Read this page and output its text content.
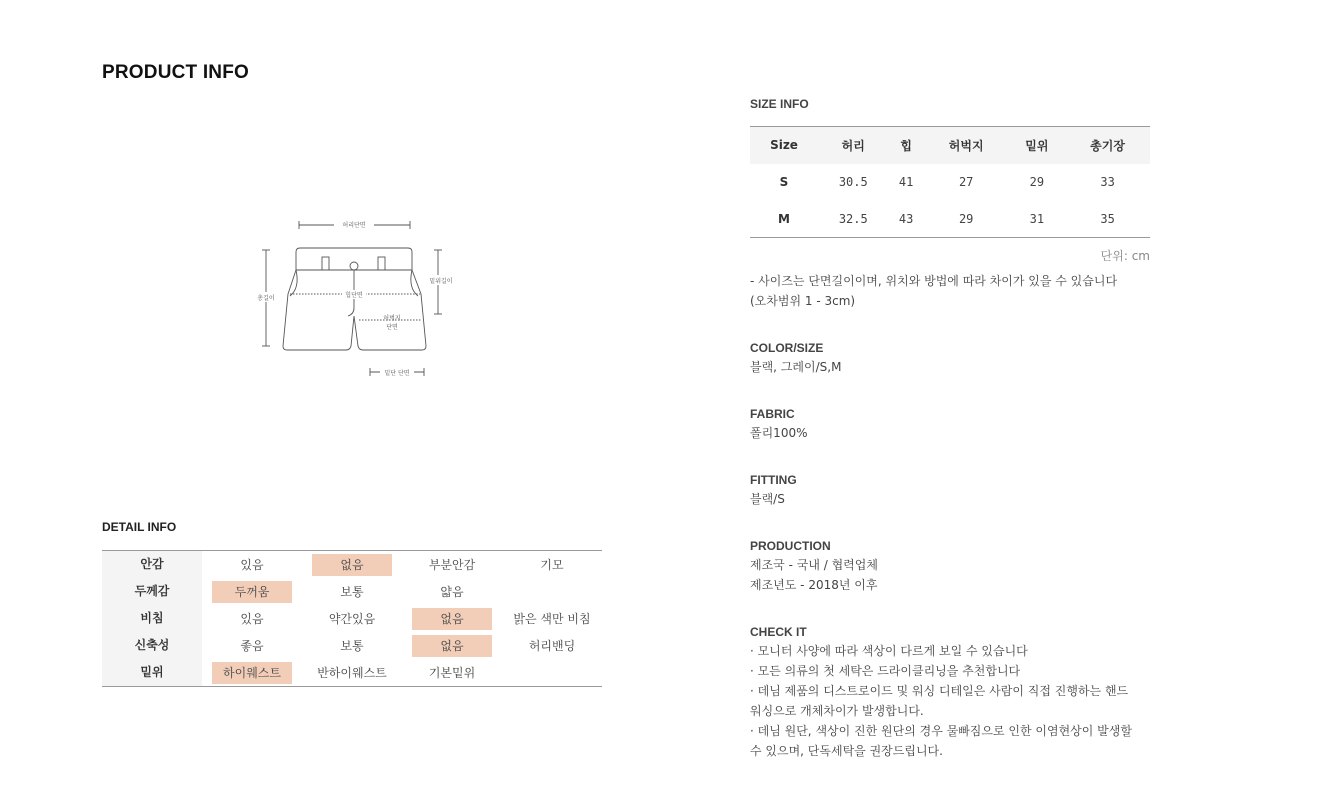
PRODUCT INFO
허리단면
힙단면
총길이
밑위길이
허벅지
단면
밑단 단면
DETAIL INFO
안감	있음	없음	부분안감	기모
두께감	두꺼움	보통	얇음
비침	있음	약간있음	없음	밝은 색만 비침
신축성	좋음	보통	없음	허리밴딩
밑위	하이웨스트	반하이웨스트	기본밑위
SIZE INFO
Size	허리	힙	허벅지	밑위	총기장
S	30.5	41	27	29	33
M	32.5	43	29	31	35
단위: cm
- 사이즈는 단면길이이며, 위치와 방법에 따라 차이가 있을 수 있습니다
(오차범위 1 - 3cm)
COLOR/SIZE
블랙, 그레이/S,M
FABRIC
폴리100%
FITTING
블랙/S
PRODUCTION
제조국 - 국내 / 협력업체
제조년도 - 2018년 이후
CHECK IT
· 모니터 사양에 따라 색상이 다르게 보일 수 있습니다
· 모든 의류의 첫 세탁은 드라이클리닝을 추천합니다
· 데님 제품의 디스트로이드 및 워싱 디테일은 사람이 직접 진행하는 핸드
워싱으로 개체차이가 발생합니다.
· 데님 원단, 색상이 진한 원단의 경우 물빠짐으로 인한 이염현상이 발생할
수 있으며, 단독세탁을 권장드립니다.
